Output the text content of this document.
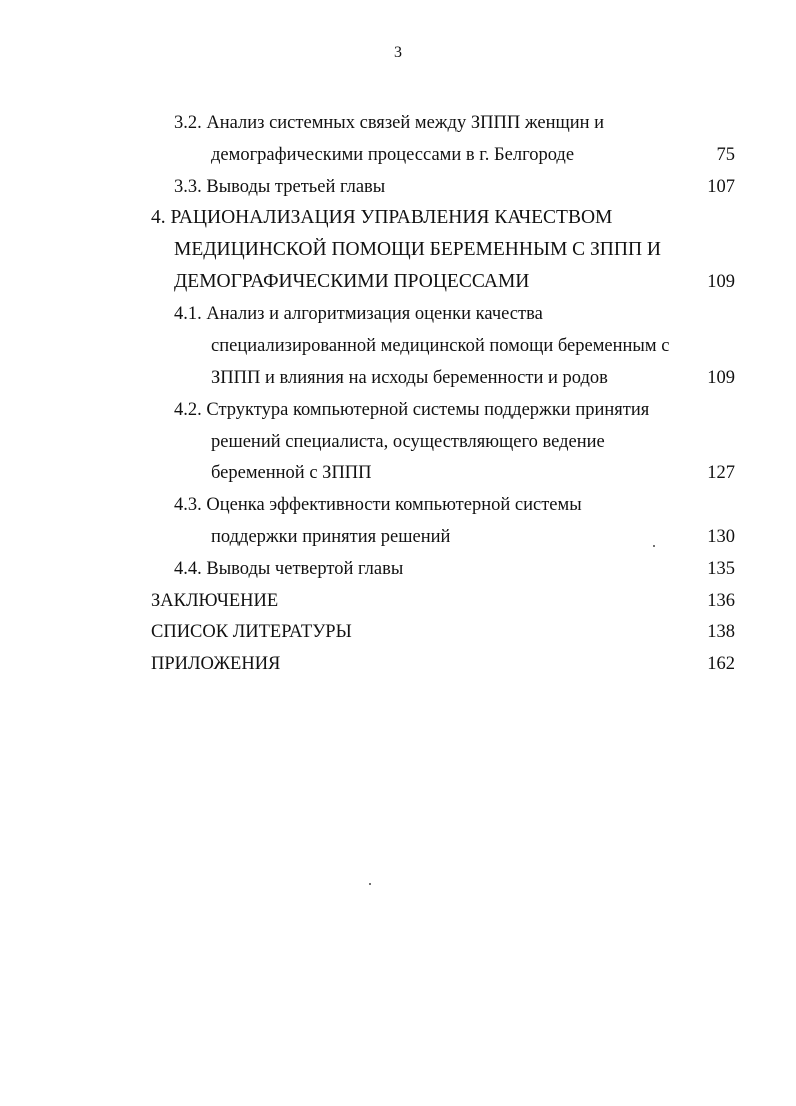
3
3.2. Анализ системных связей между ЗППП женщин и
демографическими процессами в г. Белгороде	75
3.3. Выводы третьей главы	107
4. РАЦИОНАЛИЗАЦИЯ УПРАВЛЕНИЯ КАЧЕСТВОМ
МЕДИЦИНСКОЙ ПОМОЩИ БЕРЕМЕННЫМ С ЗППП И
ДЕМОГРАФИЧЕСКИМИ ПРОЦЕССАМИ	109
4.1. Анализ и алгоритмизация оценки качества
специализированной медицинской помощи беременным с
ЗППП и влияния на исходы беременности и родов	109
4.2. Структура компьютерной системы поддержки принятия
решений специалиста, осуществляющего ведение
беременной с ЗППП	127
4.3. Оценка эффективности компьютерной системы
поддержки принятия решений	130
4.4. Выводы четвертой главы	135
ЗАКЛЮЧЕНИЕ	136
СПИСОК ЛИТЕРАТУРЫ	138
ПРИЛОЖЕНИЯ	162
